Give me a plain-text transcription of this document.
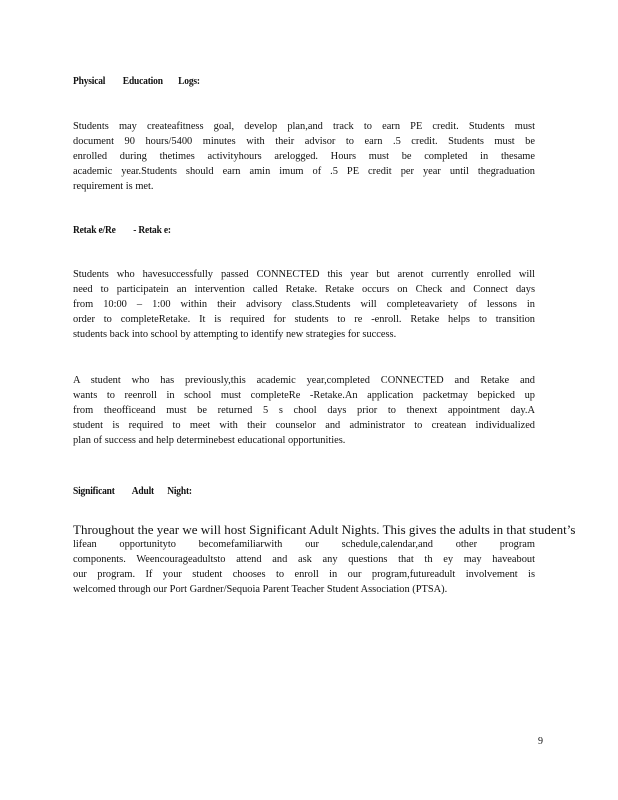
Physical        Education       Logs:
Students may createafitness goal, develop plan,and track to earn PE credit. Students must
document 90 hours/5400 minutes with their advisor to earn .5 credit. Students must be
enrolled during thetimes activityhours arelogged. Hours must be completed in thesame
academic year.Students should earn amin imum of .5 PE credit per year until thegraduation
requirement is met.
Retak e/Re        - Retak e:
Students who havesuccessfully passed CONNECTED this year but arenot currently enrolled will
need to participatein an intervention called Retake. Retake occurs on Check and Connect days
from 10:00 – 1:00 within their advisory class.Students will completeavariety of lessons in
order to completeRetake. It is required for students to re -enroll. Retake helps to transition
students back into school by attempting to identify new strategies for success.
A student who has previously,this academic year,completed CONNECTED and Retake and
wants to reenroll in school must completeRe -Retake.An application packetmay bepicked up
from theofficeand must be returned 5 s chool days prior to thenext appointment day.A
student is required to meet with their counselor and administrator to createan individualized
plan of success and help determinebest educational opportunities.
Significant        Adult      Night:
Throughout the year we will host Significant Adult Nights. This gives the adults in that student’s
lifean opportunityto becomefamiliarwith our schedule,calendar,and other program
components. Weencourageadultsto attend and ask any questions that th ey may haveabout
our program. If your student chooses to enroll in our program,futureadult involvement is
welcomed through our Port Gardner/Sequoia Parent Teacher Student Association (PTSA).
9
